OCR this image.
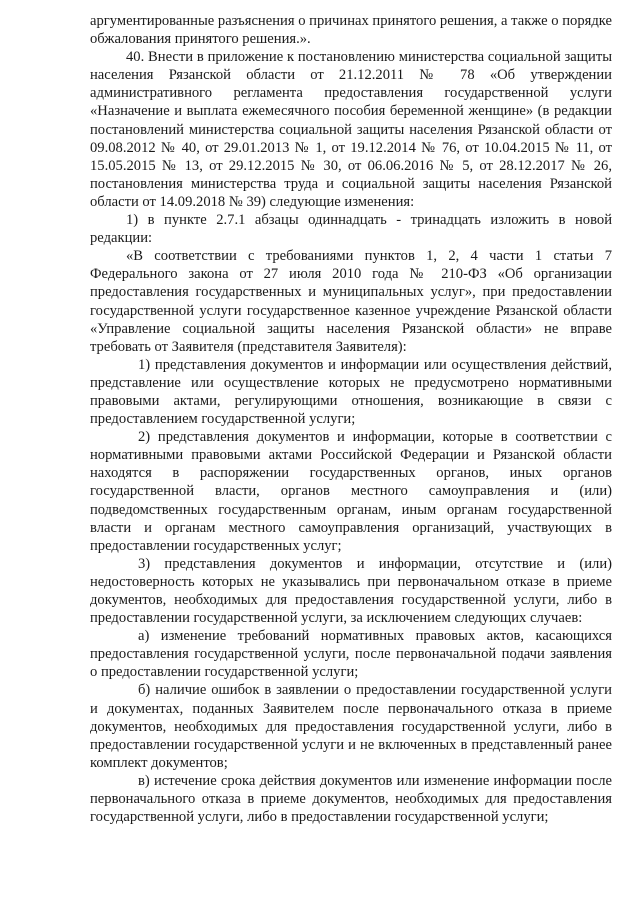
аргументированные разъяснения о причинах принятого решения, а также о порядке обжалования принятого решения.».

40. Внести в приложение к постановлению министерства социальной защиты населения Рязанской области от 21.12.2011 № 78 «Об утверждении административного регламента предоставления государственной услуги «Назначение и выплата ежемесячного пособия беременной женщине» (в редакции постановлений министерства социальной защиты населения Рязанской области от 09.08.2012 № 40, от 29.01.2013 № 1, от 19.12.2014 № 76, от 10.04.2015 № 11, от 15.05.2015 № 13, от 29.12.2015 № 30, от 06.06.2016 № 5, от 28.12.2017 № 26, постановления министерства труда и социальной защиты населения Рязанской области от 14.09.2018 № 39) следующие изменения:

1) в пункте 2.7.1 абзацы одиннадцать - тринадцать изложить в новой редакции:

«В соответствии с требованиями пунктов 1, 2, 4 части 1 статьи 7 Федерального закона от 27 июля 2010 года № 210-ФЗ «Об организации предоставления государственных и муниципальных услуг», при предоставлении государственной услуги государственное казенное учреждение Рязанской области «Управление социальной защиты населения Рязанской области» не вправе требовать от Заявителя (представителя Заявителя):

1) представления документов и информации или осуществления действий, представление или осуществление которых не предусмотрено нормативными правовыми актами, регулирующими отношения, возникающие в связи с предоставлением государственной услуги;

2) представления документов и информации, которые в соответствии с нормативными правовыми актами Российской Федерации и Рязанской области находятся в распоряжении государственных органов, иных органов государственной власти, органов местного самоуправления и (или) подведомственных государственным органам, иным органам государственной власти и органам местного самоуправления организаций, участвующих в предоставлении государственных услуг;

3) представления документов и информации, отсутствие и (или) недостоверность которых не указывались при первоначальном отказе в приеме документов, необходимых для предоставления государственной услуги, либо в предоставлении государственной услуги, за исключением следующих случаев:

а) изменение требований нормативных правовых актов, касающихся предоставления государственной услуги, после первоначальной подачи заявления о предоставлении государственной услуги;

б) наличие ошибок в заявлении о предоставлении государственной услуги и документах, поданных Заявителем после первоначального отказа в приеме документов, необходимых для предоставления государственной услуги, либо в предоставлении государственной услуги и не включенных в представленный ранее комплект документов;

в) истечение срока действия документов или изменение информации после первоначального отказа в приеме документов, необходимых для предоставления государственной услуги, либо в предоставлении государственной услуги;
